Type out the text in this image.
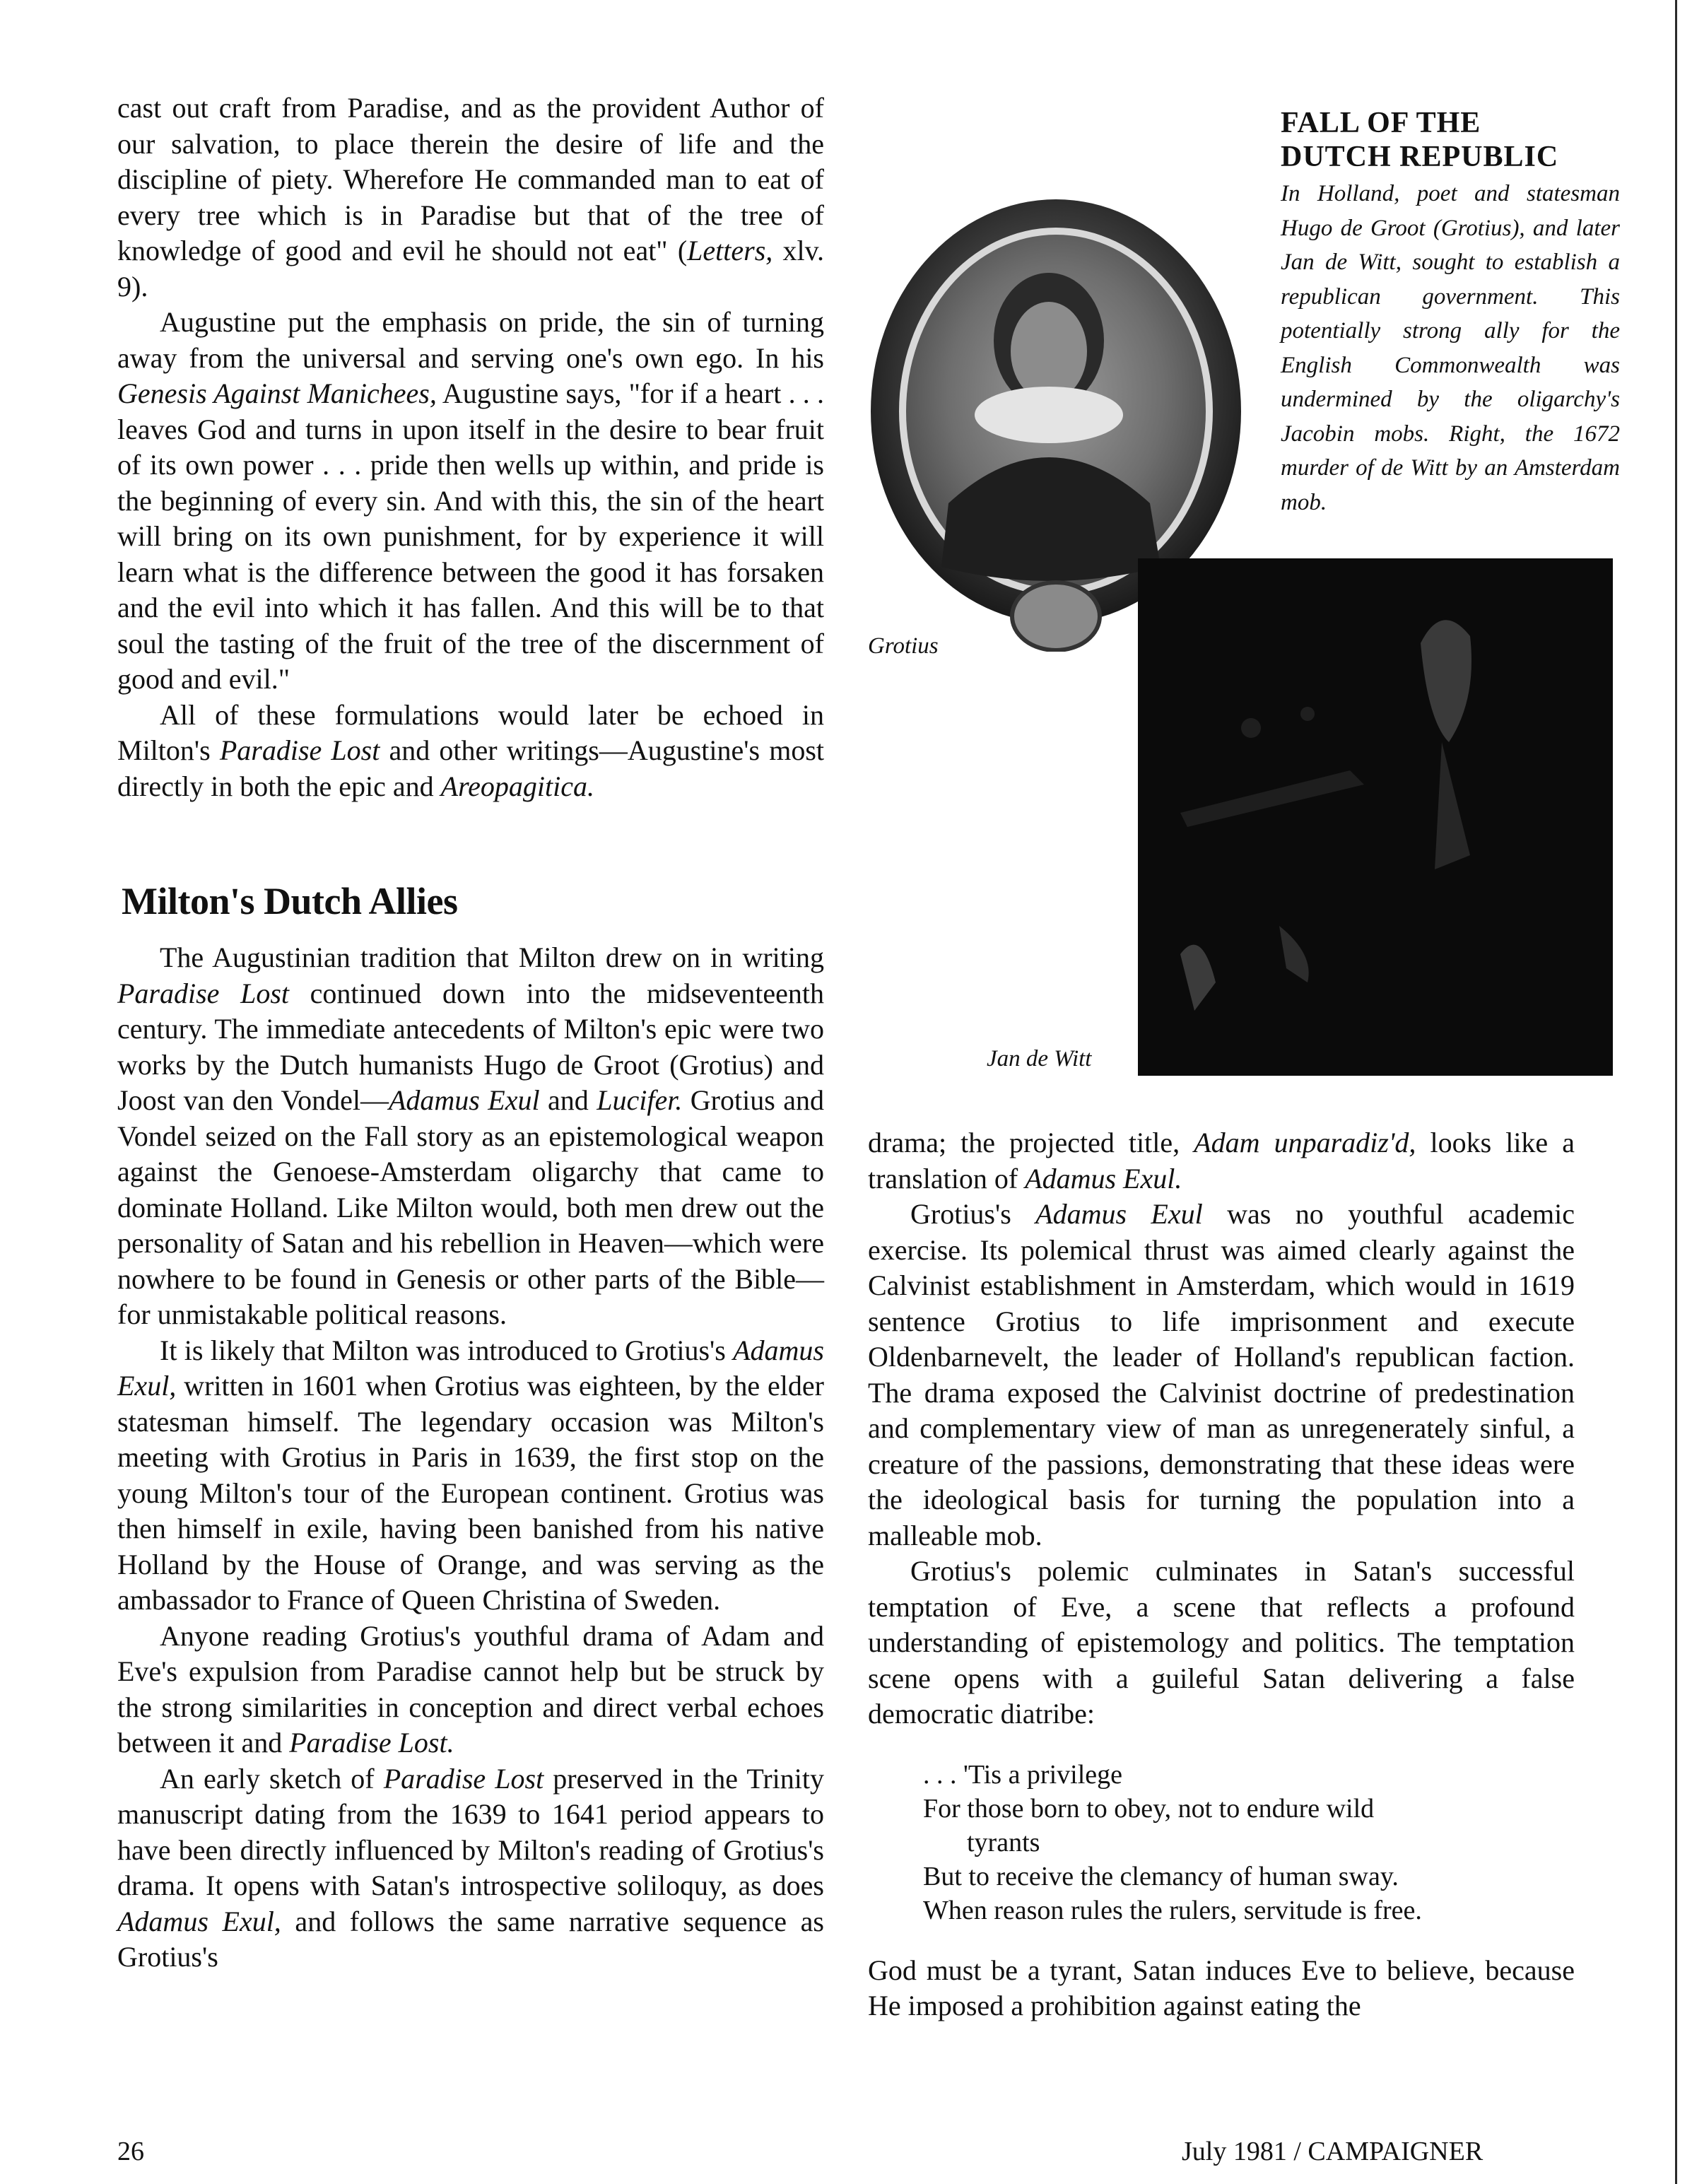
cast out craft from Paradise, and as the provident Author of our salvation, to place therein the desire of life and the discipline of piety. Wherefore He commanded man to eat of every tree which is in Paradise but that of the tree of knowledge of good and evil he should not eat" (Letters, xlv. 9).

Augustine put the emphasis on pride, the sin of turning away from the universal and serving one's own ego. In his Genesis Against Manichees, Augustine says, "for if a heart . . . leaves God and turns in upon itself in the desire to bear fruit of its own power . . . pride then wells up within, and pride is the beginning of every sin. And with this, the sin of the heart will bring on its own punishment, for by experience it will learn what is the difference between the good it has forsaken and the evil into which it has fallen. And this will be to that soul the tasting of the fruit of the tree of the discernment of good and evil."

All of these formulations would later be echoed in Milton's Paradise Lost and other writings—Augustine's most directly in both the epic and Areopagitica.

Milton's Dutch Allies

The Augustinian tradition that Milton drew on in writing Paradise Lost continued down into the midseventeenth century. The immediate antecedents of Milton's epic were two works by the Dutch humanists Hugo de Groot (Grotius) and Joost van den Vondel—Adamus Exul and Lucifer. Grotius and Vondel seized on the Fall story as an epistemological weapon against the Genoese-Amsterdam oligarchy that came to dominate Holland. Like Milton would, both men drew out the personality of Satan and his rebellion in Heaven—which were nowhere to be found in Genesis or other parts of the Bible—for unmistakable political reasons.

It is likely that Milton was introduced to Grotius's Adamus Exul, written in 1601 when Grotius was eighteen, by the elder statesman himself. The legendary occasion was Milton's meeting with Grotius in Paris in 1639, the first stop on the young Milton's tour of the European continent. Grotius was then himself in exile, having been banished from his native Holland by the House of Orange, and was serving as the ambassador to France of Queen Christina of Sweden.

Anyone reading Grotius's youthful drama of Adam and Eve's expulsion from Paradise cannot help but be struck by the strong similarities in conception and direct verbal echoes between it and Paradise Lost.

An early sketch of Paradise Lost preserved in the Trinity manuscript dating from the 1639 to 1641 period appears to have been directly influenced by Milton's reading of Grotius's drama. It opens with Satan's introspective soliloquy, as does Adamus Exul, and follows the same narrative sequence as Grotius's

FALL OF THE
DUTCH REPUBLIC

In Holland, poet and statesman Hugo de Groot (Grotius), and later Jan de Witt, sought to establish a republican government. This potentially strong ally for the English Commonwealth was undermined by the oligarchy's Jacobin mobs. Right, the 1672 murder of de Witt by an Amsterdam mob.

Grotius
Jan de Witt

drama; the projected title, Adam unparadiz'd, looks like a translation of Adamus Exul.

Grotius's Adamus Exul was no youthful academic exercise. Its polemical thrust was aimed clearly against the Calvinist establishment in Amsterdam, which would in 1619 sentence Grotius to life imprisonment and execute Oldenbarnevelt, the leader of Holland's republican faction. The drama exposed the Calvinist doctrine of predestination and complementary view of man as unregenerately sinful, a creature of the passions, demonstrating that these ideas were the ideological basis for turning the population into a malleable mob.

Grotius's polemic culminates in Satan's successful temptation of Eve, a scene that reflects a profound understanding of epistemology and politics. The temptation scene opens with a guileful Satan delivering a false democratic diatribe:

. . . 'Tis a privilege
For those born to obey, not to endure wild
tyrants
But to receive the clemancy of human sway.
When reason rules the rulers, servitude is free.

God must be a tyrant, Satan induces Eve to believe, because He imposed a prohibition against eating the

26	July 1981 / CAMPAIGNER
